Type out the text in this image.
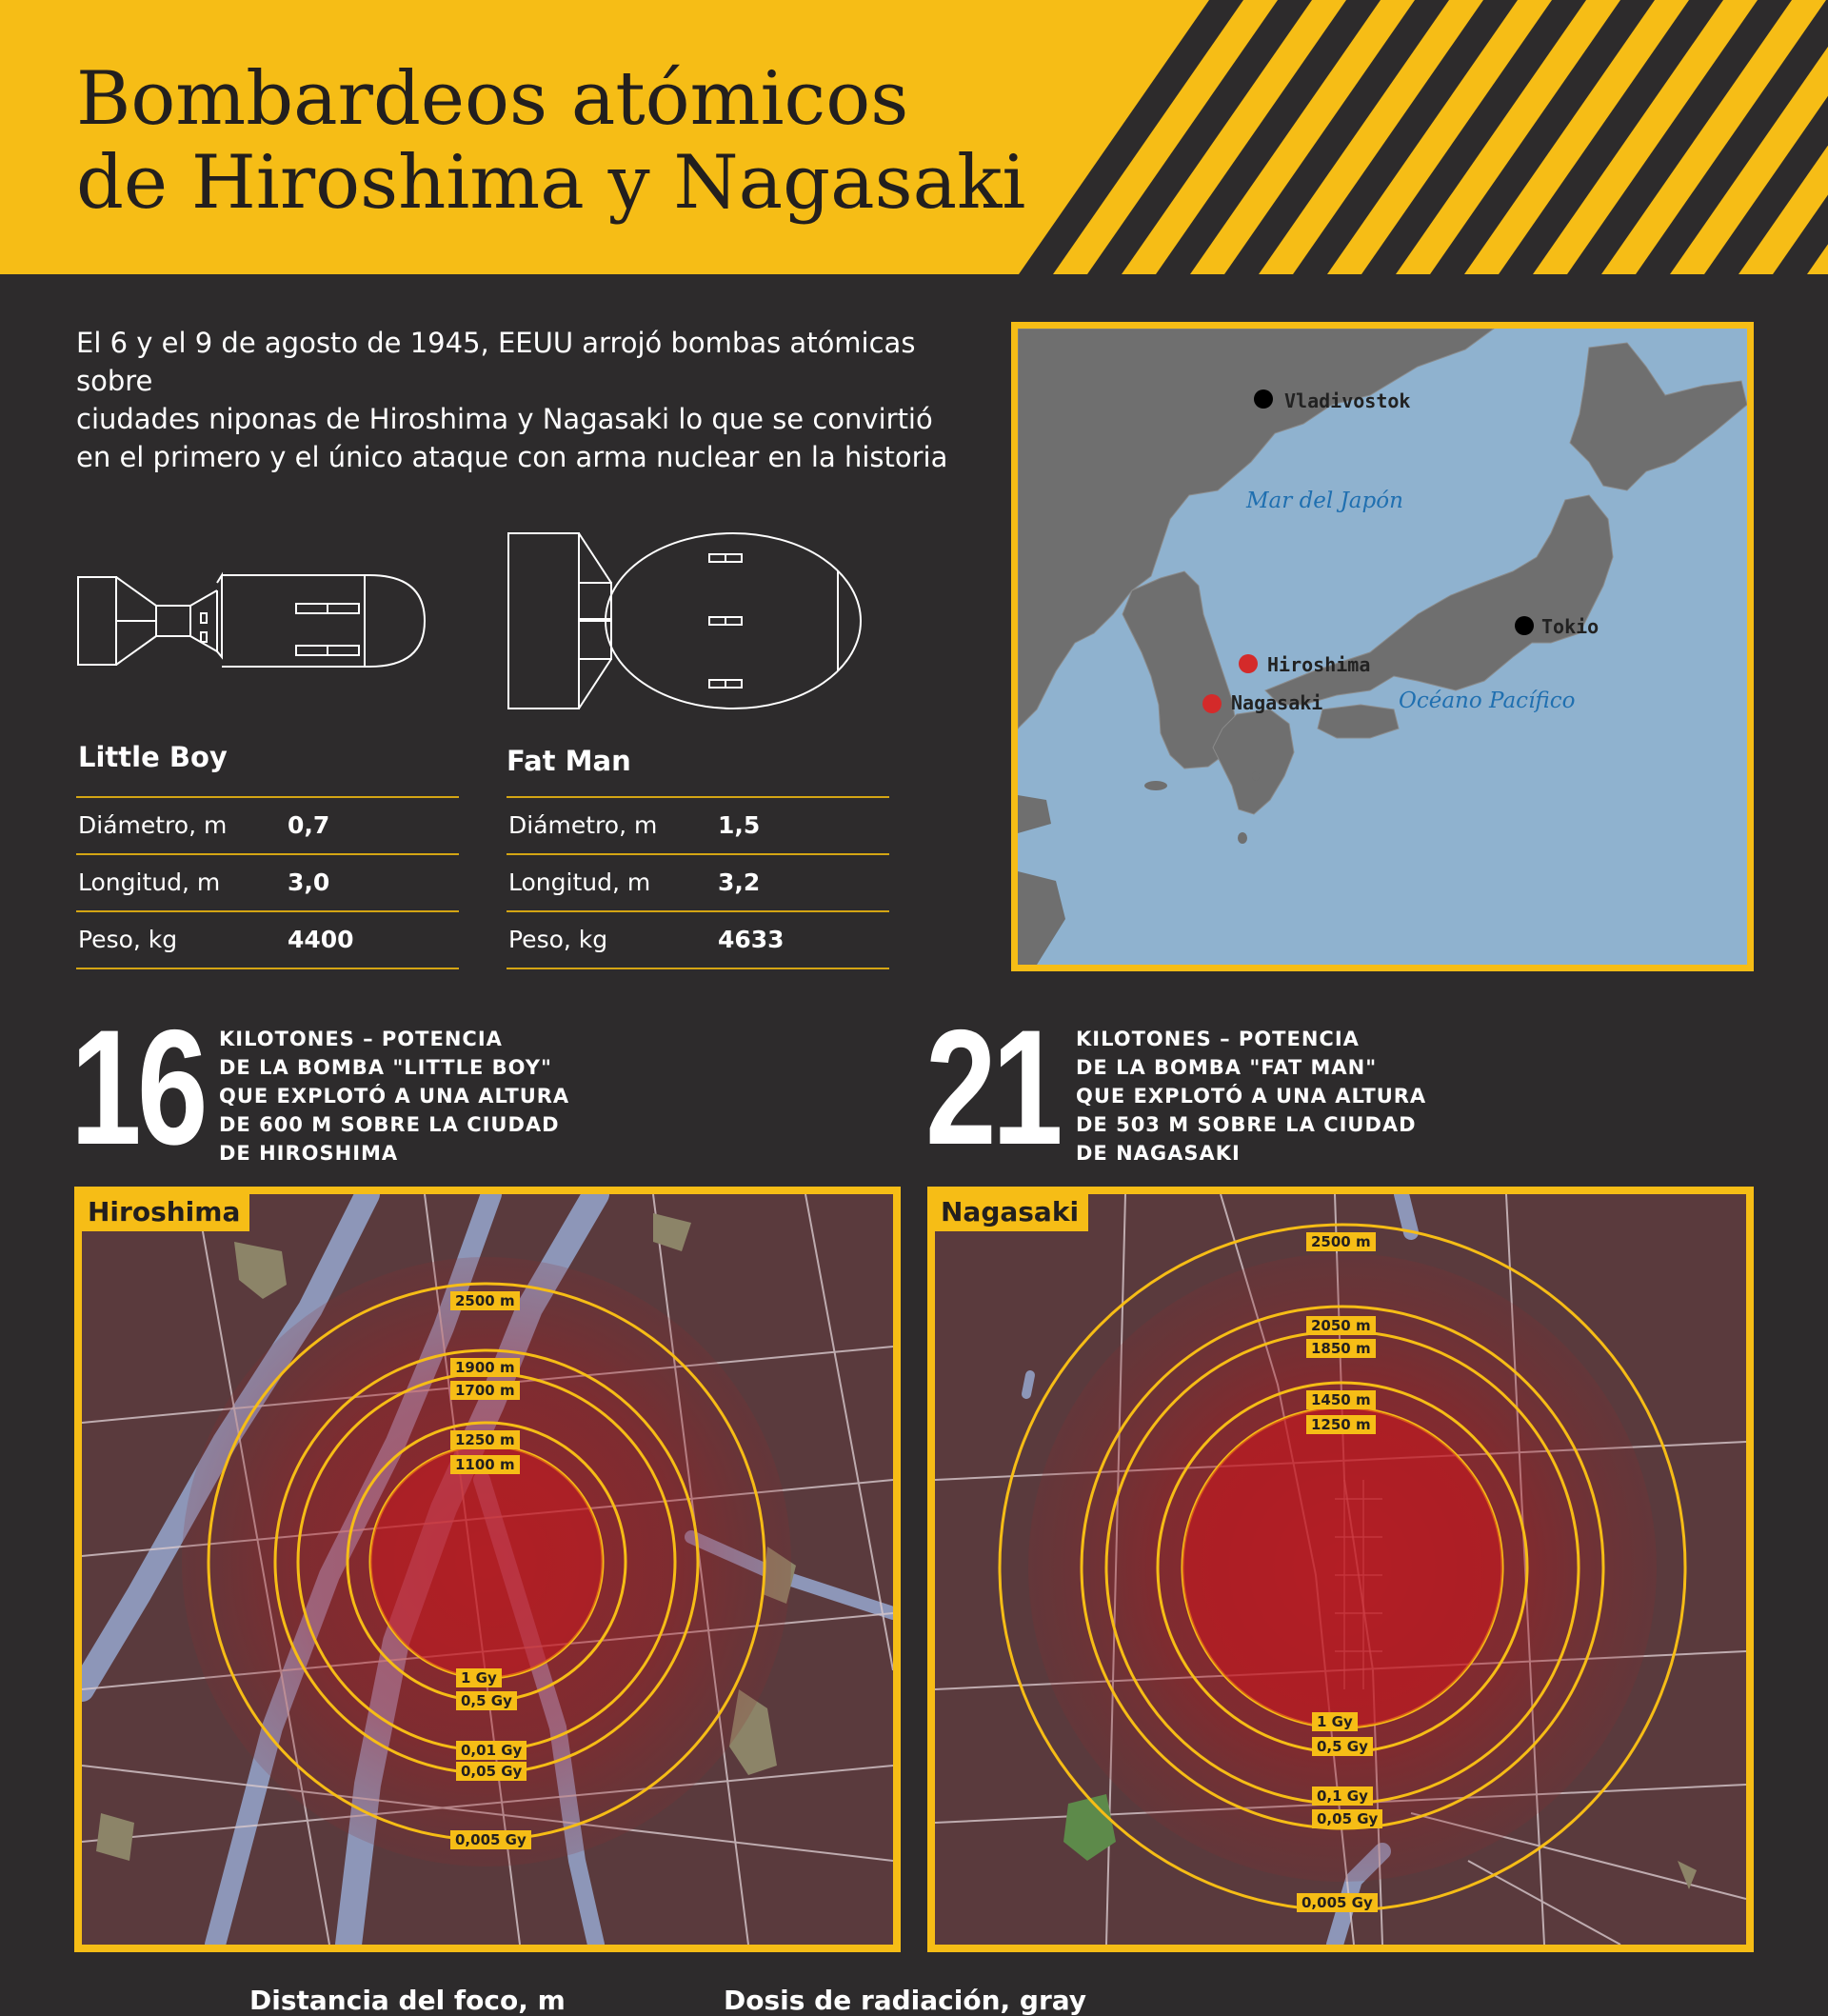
Bombardeos atómicos
de Hiroshima y Nagasaki
El 6 y el 9 de agosto de 1945, EEUU arrojó bombas atómicas sobre
ciudades niponas de Hiroshima y Nagasaki lo que se convirtió
en el primero y el único ataque con arma nuclear en la historia
Vladivostok
Tokio
Hiroshima
Nagasaki
Mar del Japón
Océano Pacífico
Little Boy
Diámetro, m	0,7
Longitud, m	3,0
Peso, kg	4400
Fat Man
Diámetro, m	1,5
Longitud, m	3,2
Peso, kg	4633
16 KILOTONES – POTENCIA
DE LA BOMBA "LITTLE BOY"
QUE EXPLOTÓ A UNA ALTURA
DE 600 M SOBRE LA CIUDAD
DE HIROSHIMA	21 KILOTONES – POTENCIA
DE LA BOMBA "FAT MAN"
QUE EXPLOTÓ A UNA ALTURA
DE 503 M SOBRE LA CIUDAD
DE NAGASAKI
Hiroshima
2500 m
1900 m
1700 m
1250 m
1100 m
1 Gy
0,5 Gy
0,01 Gy
0,05 Gy
0,005 Gy
Nagasaki
2500 m
2050 m
1850 m
1450 m
1250 m
1 Gy
0,5 Gy
0,1 Gy
0,05 Gy
0,005 Gy
Distancia del foco, m	Dosis de radiación, gray
